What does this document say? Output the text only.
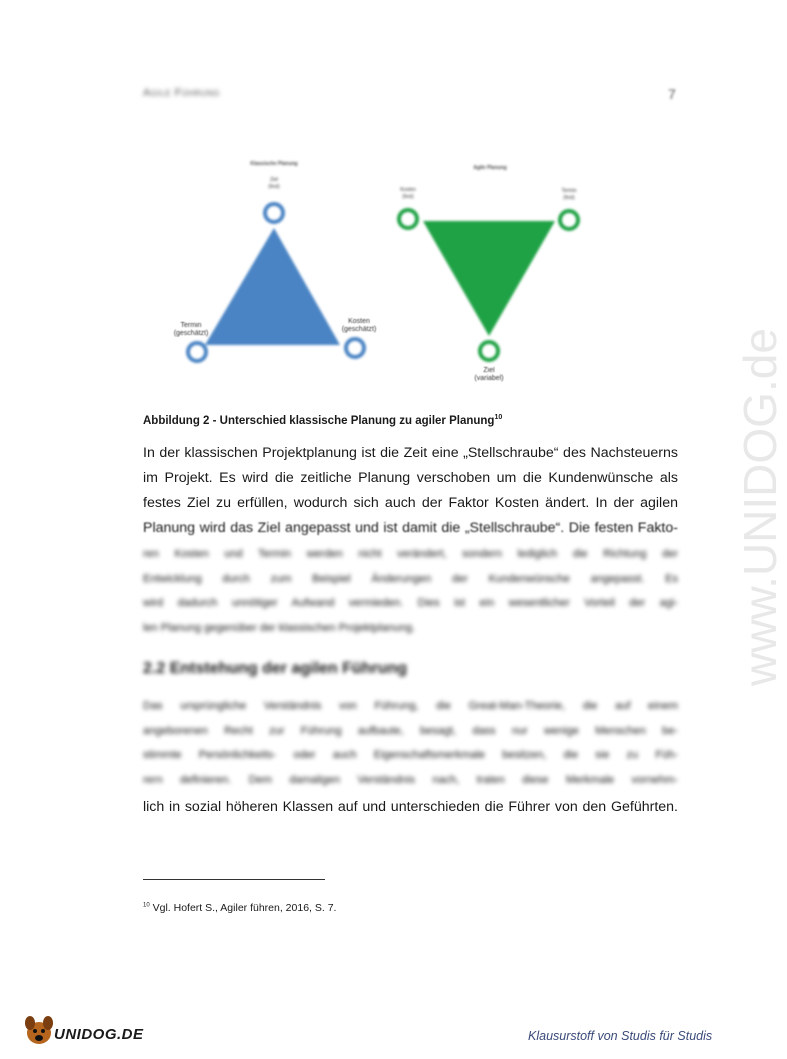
Agile Führung	7
Klassische Planung
Ziel
(fest)
Termin
(geschätzt)
Kosten
(geschätzt)
Agile Planung
Kosten
(fest)
Termin
(fest)
Ziel
(variabel)
Abbildung 2 - Unterschied klassische Planung zu agiler Planung$^{10}$
In der klassischen Projektplanung ist die Zeit eine „Stellschraube“ des Nachsteuerns
im Projekt. Es wird die zeitliche Planung verschoben um die Kundenwünsche als
festes Ziel zu erfüllen, wodurch sich auch der Faktor Kosten ändert. In der agilen
Planung wird das Ziel angepasst und ist damit die „Stellschraube“. Die festen Fakto-
ren Kosten und Termin werden nicht verändert, sondern lediglich die Richtung der
Entwicklung durch zum Beispiel Änderungen der Kundenwünsche angepasst. Es
wird dadurch unnötiger Aufwand vermieden. Dies ist ein wesentlicher Vorteil der agi-
len Planung gegenüber der klassischen Projektplanung.
2.2 Entstehung der agilen Führung
Das ursprüngliche Verständnis von Führung, die Great-Man-Theorie, die auf einem
angeborenen Recht zur Führung aufbaute, besagt, dass nur wenige Menschen be-
stimmte Persönlichkeits- oder auch Eigenschaftsmerkmale besitzen, die sie zu Füh-
rern definieren. Dem damaligen Verständnis nach, traten diese Merkmale vornehm-
lich in sozial höheren Klassen auf und unterschieden die Führer von den Geführten.
$^{10}$ Vgl. Hofert S., Agiler führen, 2016, S. 7.
www.UNIDOG.de
UNIDOG.DE	Klausurstoff von Studis für Studis
